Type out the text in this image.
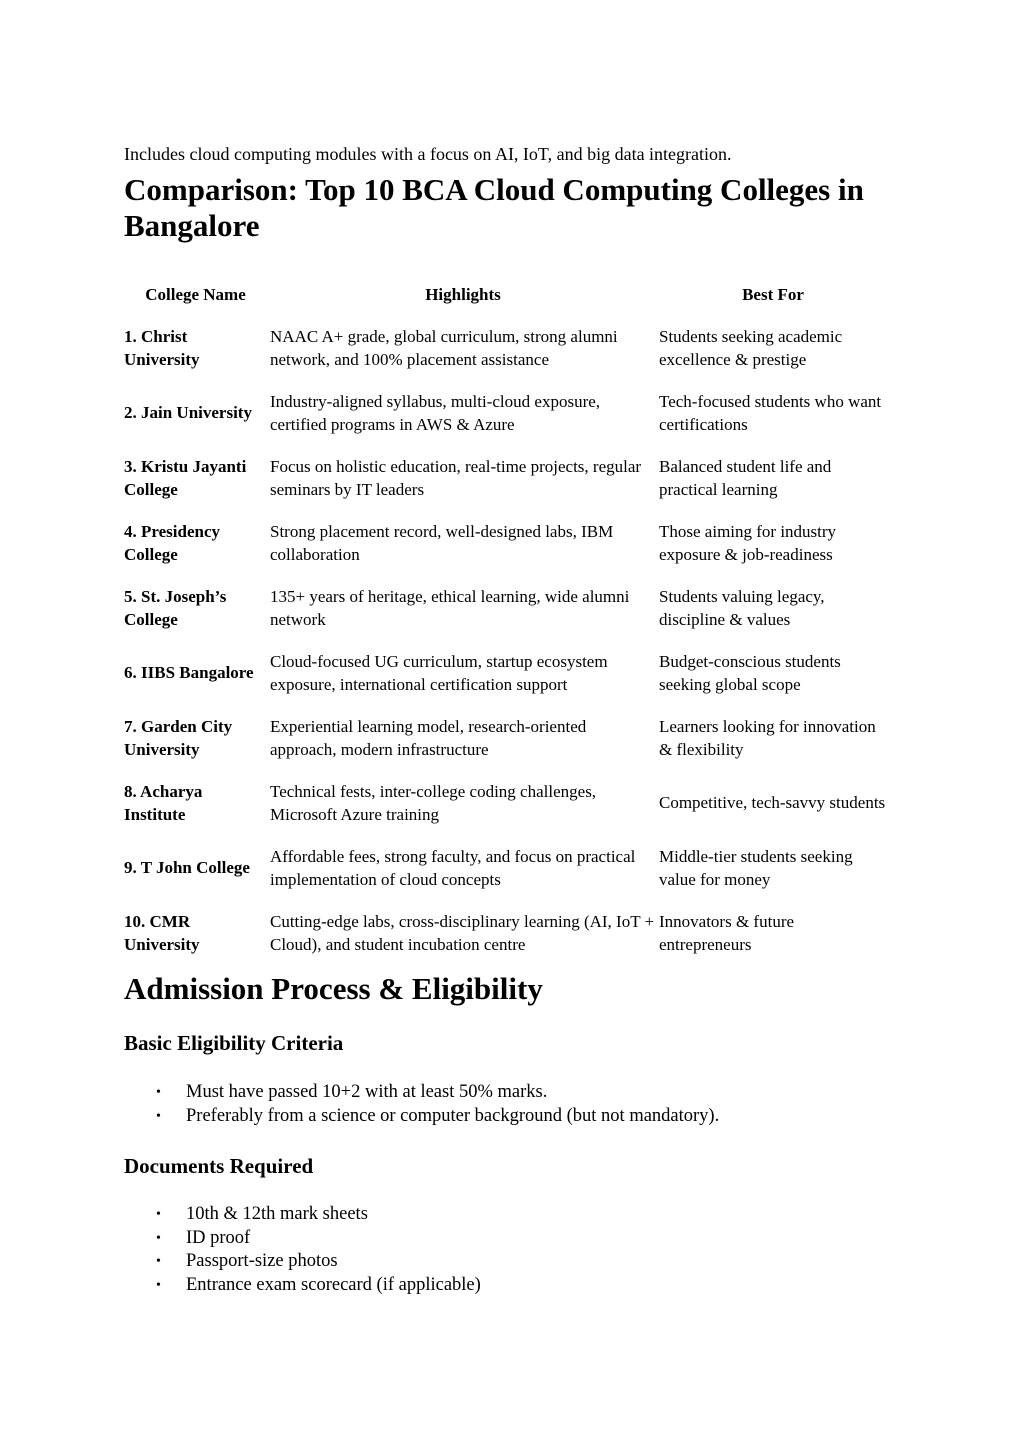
Includes cloud computing modules with a focus on AI, IoT, and big data integration.

Comparison: Top 10 BCA Cloud Computing Colleges in Bangalore
College Name	Highlights	Best For
1. Christ University	NAAC A+ grade, global curriculum, strong alumni network, and 100% placement assistance	Students seeking academic excellence & prestige
2. Jain University	Industry-aligned syllabus, multi-cloud exposure, certified programs in AWS & Azure	Tech-focused students who want certifications
3. Kristu Jayanti College	Focus on holistic education, real-time projects, regular seminars by IT leaders	Balanced student life and practical learning
4. Presidency College	Strong placement record, well-designed labs, IBM collaboration	Those aiming for industry exposure & job-readiness
5. St. Joseph’s College	135+ years of heritage, ethical learning, wide alumni network	Students valuing legacy, discipline & values
6. IIBS Bangalore	Cloud-focused UG curriculum, startup ecosystem exposure, international certification support	Budget-conscious students seeking global scope
7. Garden City University	Experiential learning model, research-oriented approach, modern infrastructure	Learners looking for innovation & flexibility
8. Acharya Institute	Technical fests, inter-college coding challenges, Microsoft Azure training	Competitive, tech-savvy students
9. T John College	Affordable fees, strong faculty, and focus on practical implementation of cloud concepts	Middle-tier students seeking value for money
10. CMR University	Cutting-edge labs, cross-disciplinary learning (AI, IoT + Cloud), and student incubation centre	Innovators & future entrepreneurs
Admission Process & Eligibility
Basic Eligibility Criteria
• Must have passed 10+2 with at least 50% marks.
• Preferably from a science or computer background (but not mandatory).
Documents Required
• 10th & 12th mark sheets
• ID proof
• Passport-size photos
• Entrance exam scorecard (if applicable)
